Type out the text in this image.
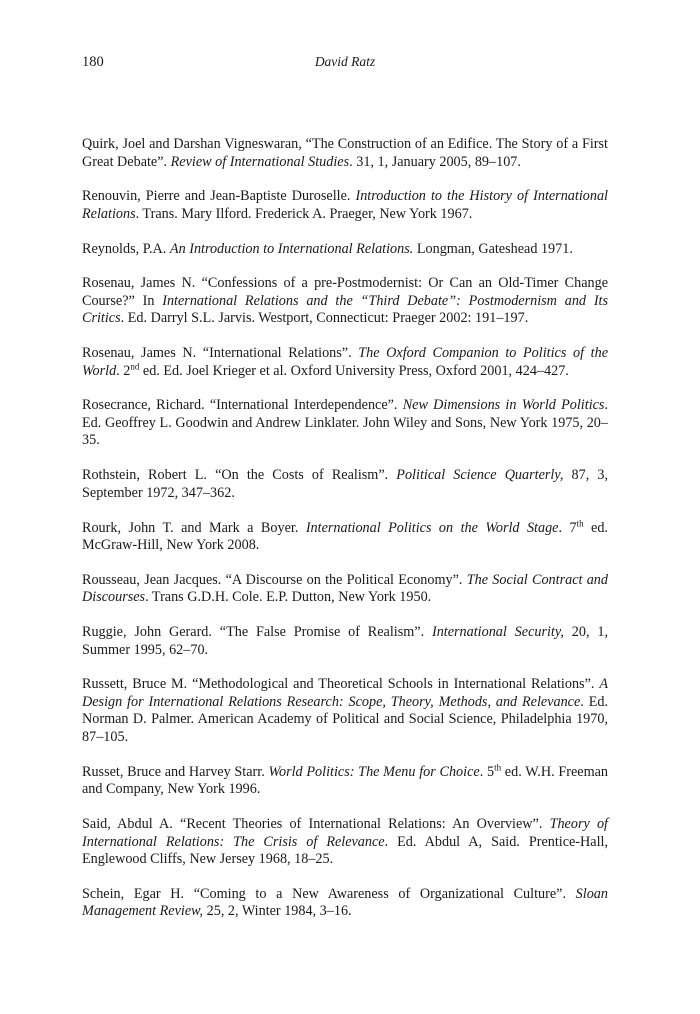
180	David Ratz
Quirk, Joel and Darshan Vigneswaran, “The Construction of an Edifice. The Story of a First Great Debate”. Review of International Studies. 31, 1, January 2005, 89–107.
Renouvin, Pierre and Jean-Baptiste Duroselle. Introduction to the History of International Relations. Trans. Mary Ilford. Frederick A. Praeger, New York 1967.
Reynolds, P.A. An Introduction to International Relations. Longman, Gateshead 1971.
Rosenau, James N. “Confessions of a pre-Postmodernist: Or Can an Old-Timer Change Course?” In International Relations and the “Third Debate”: Postmodernism and Its Critics. Ed. Darryl S.L. Jarvis. Westport, Connecticut: Praeger 2002: 191–197.
Rosenau, James N. “International Relations”. The Oxford Companion to Politics of the World. 2nd ed. Ed. Joel Krieger et al. Oxford University Press, Oxford 2001, 424–427.
Rosecrance, Richard. “International Interdependence”. New Dimensions in World Politics. Ed. Geoffrey L. Goodwin and Andrew Linklater. John Wiley and Sons, New York 1975, 20–35.
Rothstein, Robert L. “On the Costs of Realism”. Political Science Quarterly, 87, 3, September 1972, 347–362.
Rourk, John T. and Mark a Boyer. International Politics on the World Stage. 7th ed. McGraw-Hill, New York 2008.
Rousseau, Jean Jacques. “A Discourse on the Political Economy”. The Social Contract and Discourses. Trans G.D.H. Cole. E.P. Dutton, New York 1950.
Ruggie, John Gerard. “The False Promise of Realism”. International Security, 20, 1, Summer 1995, 62–70.
Russett, Bruce M. “Methodological and Theoretical Schools in International Relations”. A Design for International Relations Research: Scope, Theory, Methods, and Relevance. Ed. Norman D. Palmer. American Academy of Political and Social Science, Philadelphia 1970, 87–105.
Russet, Bruce and Harvey Starr. World Politics: The Menu for Choice. 5th ed. W.H. Freeman and Company, New York 1996.
Said, Abdul A. “Recent Theories of International Relations: An Overview”. Theory of International Relations: The Crisis of Relevance. Ed. Abdul A, Said. Prentice-Hall, Englewood Cliffs, New Jersey 1968, 18–25.
Schein, Egar H. “Coming to a New Awareness of Organizational Culture”. Sloan Management Review, 25, 2, Winter 1984, 3–16.
